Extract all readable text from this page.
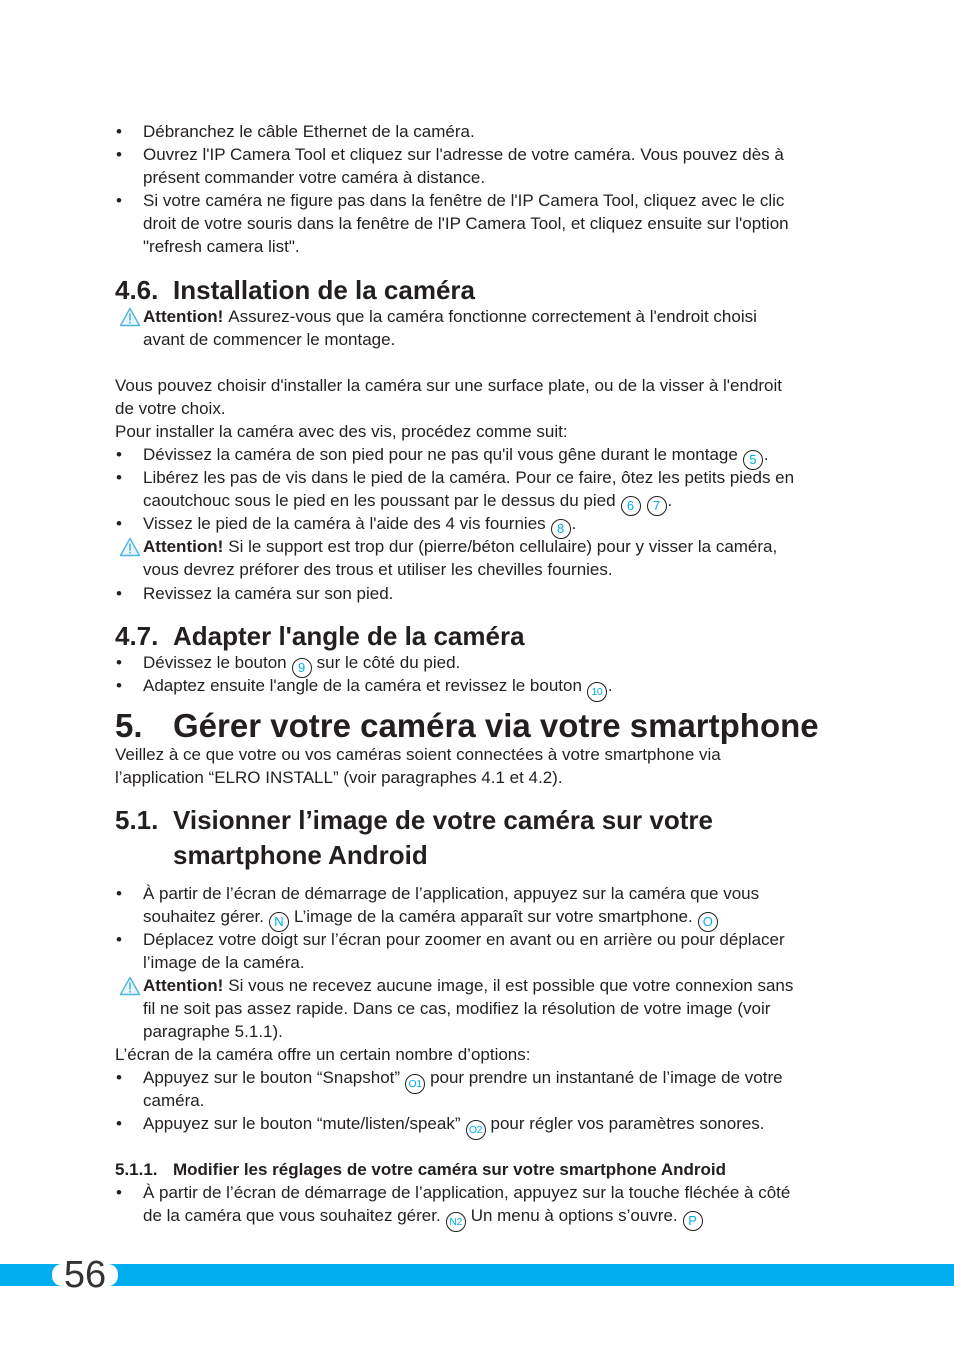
• Débranchez le câble Ethernet de la caméra.
• Ouvrez l'IP Camera Tool et cliquez sur l'adresse de votre caméra. Vous pouvez dès à
présent commander votre caméra à distance.
• Si votre caméra ne figure pas dans la fenêtre de l'IP Camera Tool, cliquez avec le clic
droit de votre souris dans la fenêtre de l'IP Camera Tool, et cliquez ensuite sur l'option
"refresh camera list".
4.6. Installation de la caméra
Attention! Assurez-vous que la caméra fonctionne correctement à l'endroit choisi
avant de commencer le montage.
Vous pouvez choisir d'installer la caméra sur une surface plate, ou de la visser à l'endroit
de votre choix.
Pour installer la caméra avec des vis, procédez comme suit:
• Dévissez la caméra de son pied pour ne pas qu'il vous gêne durant le montage 5 .
• Libérez les pas de vis dans le pied de la caméra. Pour ce faire, ôtez les petits pieds en
caoutchouc sous le pied en les poussant par le dessus du pied 6 7 .
• Vissez le pied de la caméra à l'aide des 4 vis fournies 8 .
Attention! Si le support est trop dur (pierre/béton cellulaire) pour y visser la caméra,
vous devrez préforer des trous et utiliser les chevilles fournies.
• Revissez la caméra sur son pied.
4.7. Adapter l'angle de la caméra
• Dévissez le bouton 9 sur le côté du pied.
• Adaptez ensuite l'angle de la caméra et revissez le bouton 10 .
5. Gérer votre caméra via votre smartphone
Veillez à ce que votre ou vos caméras soient connectées à votre smartphone via
l’application “ELRO INSTALL” (voir paragraphes 4.1 et 4.2).
5.1. Visionner l’image de votre caméra sur votre
smartphone Android
• À partir de l’écran de démarrage de l’application, appuyez sur la caméra que vous
souhaitez gérer. N L’image de la caméra apparaît sur votre smartphone. O
• Déplacez votre doigt sur l’écran pour zoomer en avant ou en arrière ou pour déplacer
l’image de la caméra.
Attention! Si vous ne recevez aucune image, il est possible que votre connexion sans
fil ne soit pas assez rapide. Dans ce cas, modifiez la résolution de votre image (voir
paragraphe 5.1.1).
L’écran de la caméra offre un certain nombre d’options:
• Appuyez sur le bouton “Snapshot” O1 pour prendre un instantané de l’image de votre
caméra.
• Appuyez sur le bouton “mute/listen/speak” O2 pour régler vos paramètres sonores.
5.1.1. Modifier les réglages de votre caméra sur votre smartphone Android
• À partir de l’écran de démarrage de l’application, appuyez sur la touche fléchée à côté
de la caméra que vous souhaitez gérer. N2 Un menu à options s’ouvre. P
56
